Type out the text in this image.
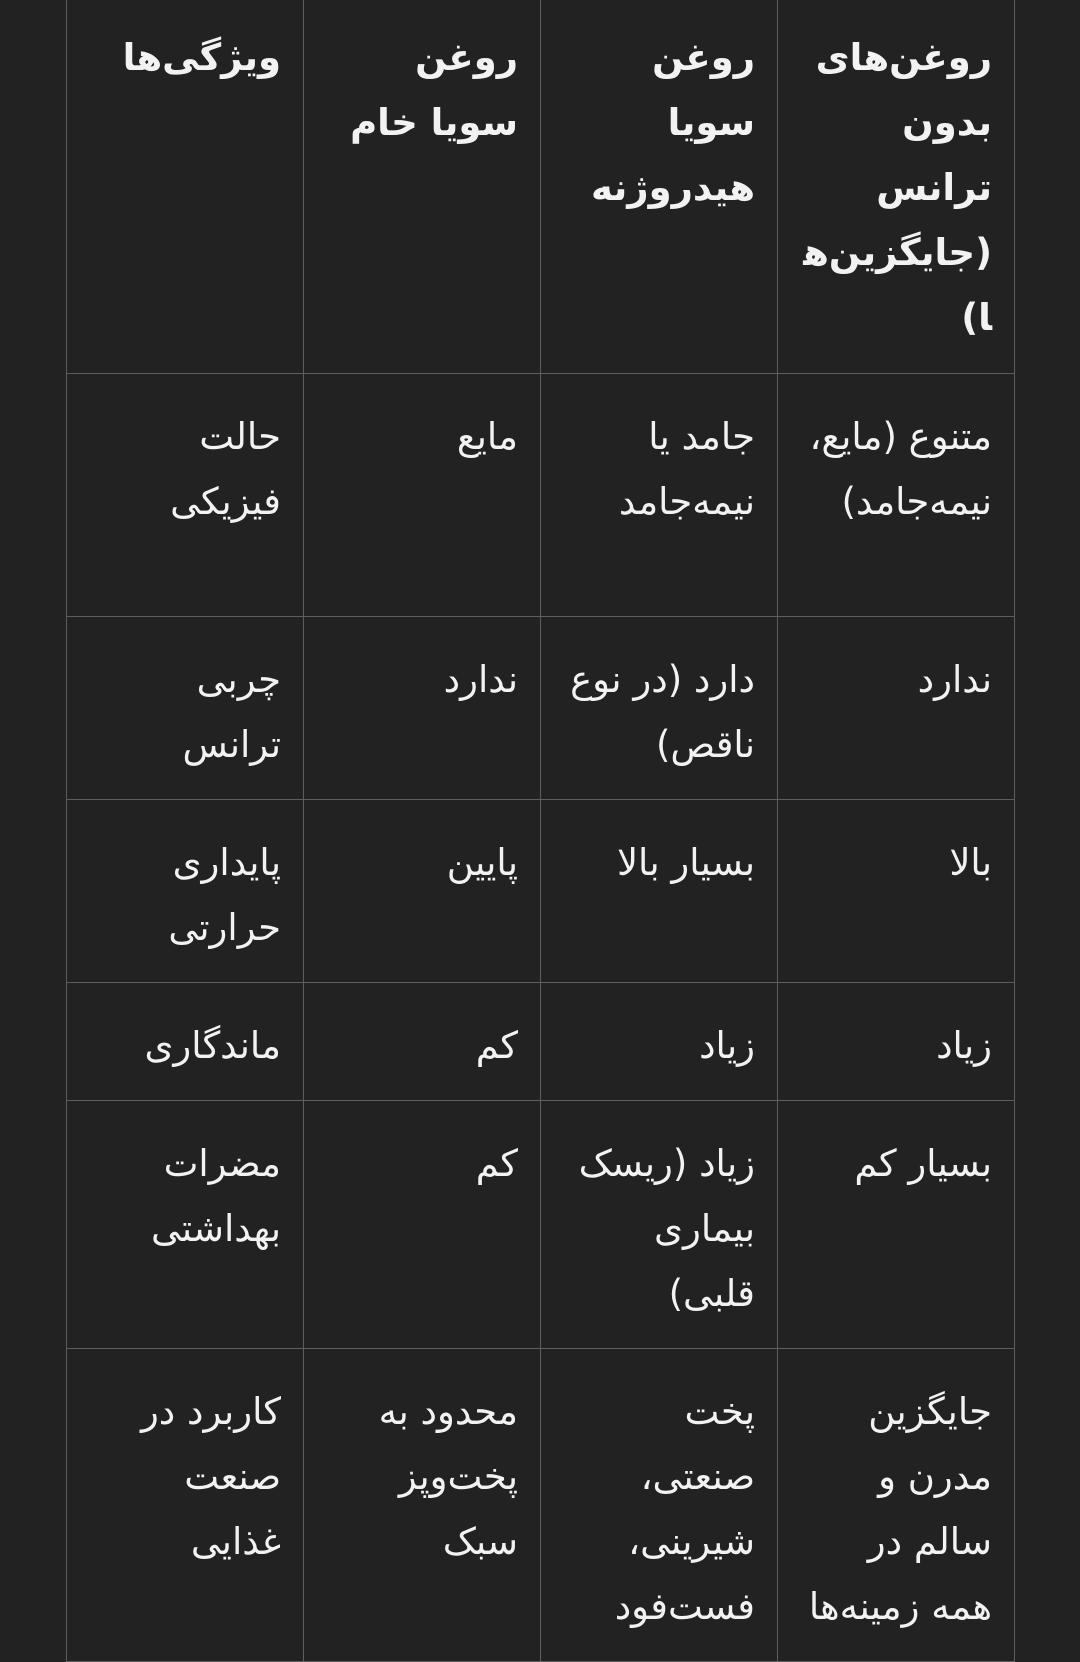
ویژگی‌ها	روغن سویا خام	روغن سویا هیدروژنه	روغن‌های بدون ترانس (جایگزین‌ها)
حالت فیزیکی	مایع	جامد یا نیمه‌جامد	متنوع (مایع، نیمه‌جامد)
چربی ترانس	ندارد	دارد (در نوع ناقص)	ندارد
پایداری حرارتی	پایین	بسیار بالا	بالا
ماندگاری	کم	زیاد	زیاد
مضرات بهداشتی	کم	زیاد (ریسک بیماری قلبی)	بسیار کم
کاربرد در صنعت غذایی	محدود به پخت‌وپز سبک	پخت صنعتی، شیرینی، فست‌فود	جایگزین مدرن و سالم در همه زمینه‌ها
